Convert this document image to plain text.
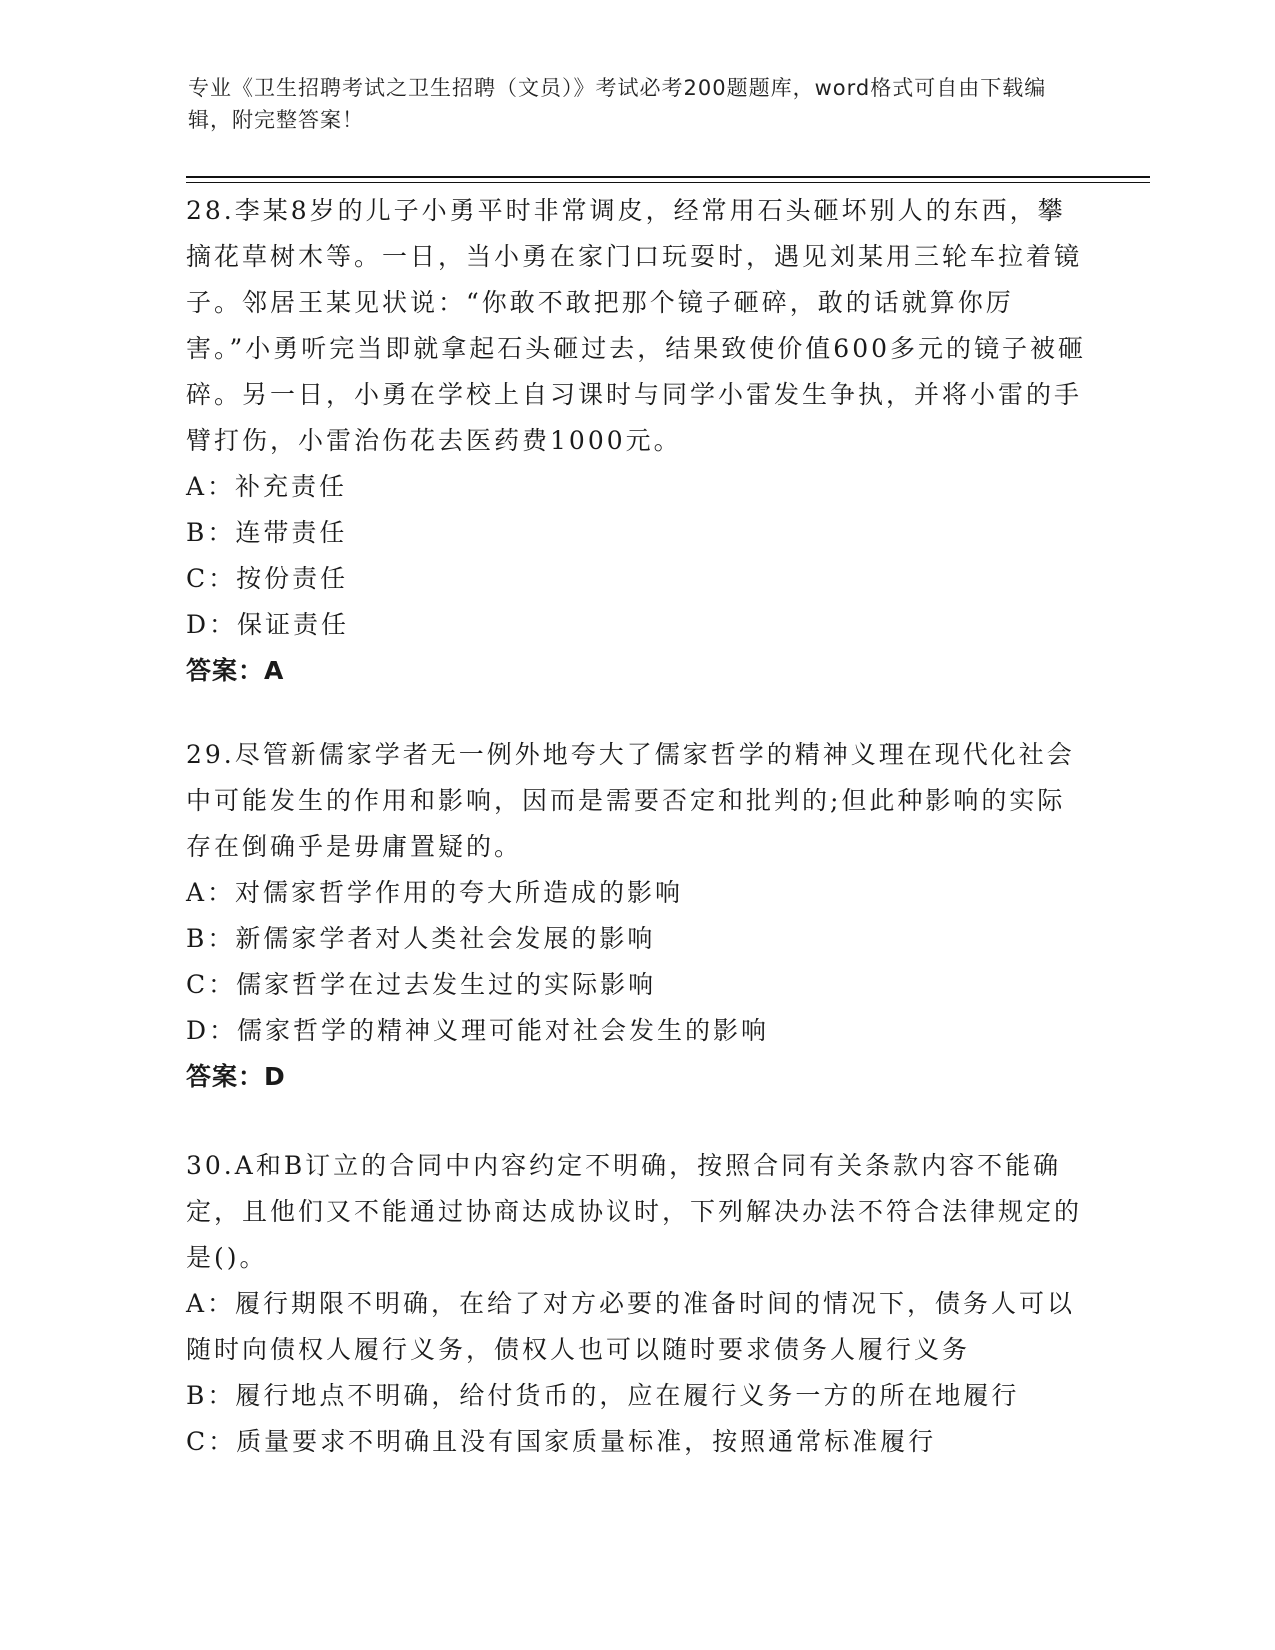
专业《卫生招聘考试之卫生招聘（文员）》考试必考200题题库，word格式可自由下载编辑，附完整答案！
28.李某8岁的儿子小勇平时非常调皮，经常用石头砸坏别人的东西，攀摘花草树木等。一日，当小勇在家门口玩耍时，遇见刘某用三轮车拉着镜子。邻居王某见状说：“你敢不敢把那个镜子砸碎，敢的话就算你厉害。”小勇听完当即就拿起石头砸过去，结果致使价值600多元的镜子被砸碎。另一日，小勇在学校上自习课时与同学小雷发生争执，并将小雷的手臂打伤，小雷治伤花去医药费1000元。
A：补充责任
B：连带责任
C：按份责任
D：保证责任
答案：A
29.尽管新儒家学者无一例外地夸大了儒家哲学的精神义理在现代化社会中可能发生的作用和影响，因而是需要否定和批判的;但此种影响的实际存在倒确乎是毋庸置疑的。
A：对儒家哲学作用的夸大所造成的影响
B：新儒家学者对人类社会发展的影响
C：儒家哲学在过去发生过的实际影响
D：儒家哲学的精神义理可能对社会发生的影响
答案：D
30.A和B订立的合同中内容约定不明确，按照合同有关条款内容不能确定，且他们又不能通过协商达成协议时，下列解决办法不符合法律规定的是()。
A：履行期限不明确，在给了对方必要的准备时间的情况下，债务人可以随时向债权人履行义务，债权人也可以随时要求债务人履行义务
B：履行地点不明确，给付货币的，应在履行义务一方的所在地履行
C：质量要求不明确且没有国家质量标准，按照通常标准履行
